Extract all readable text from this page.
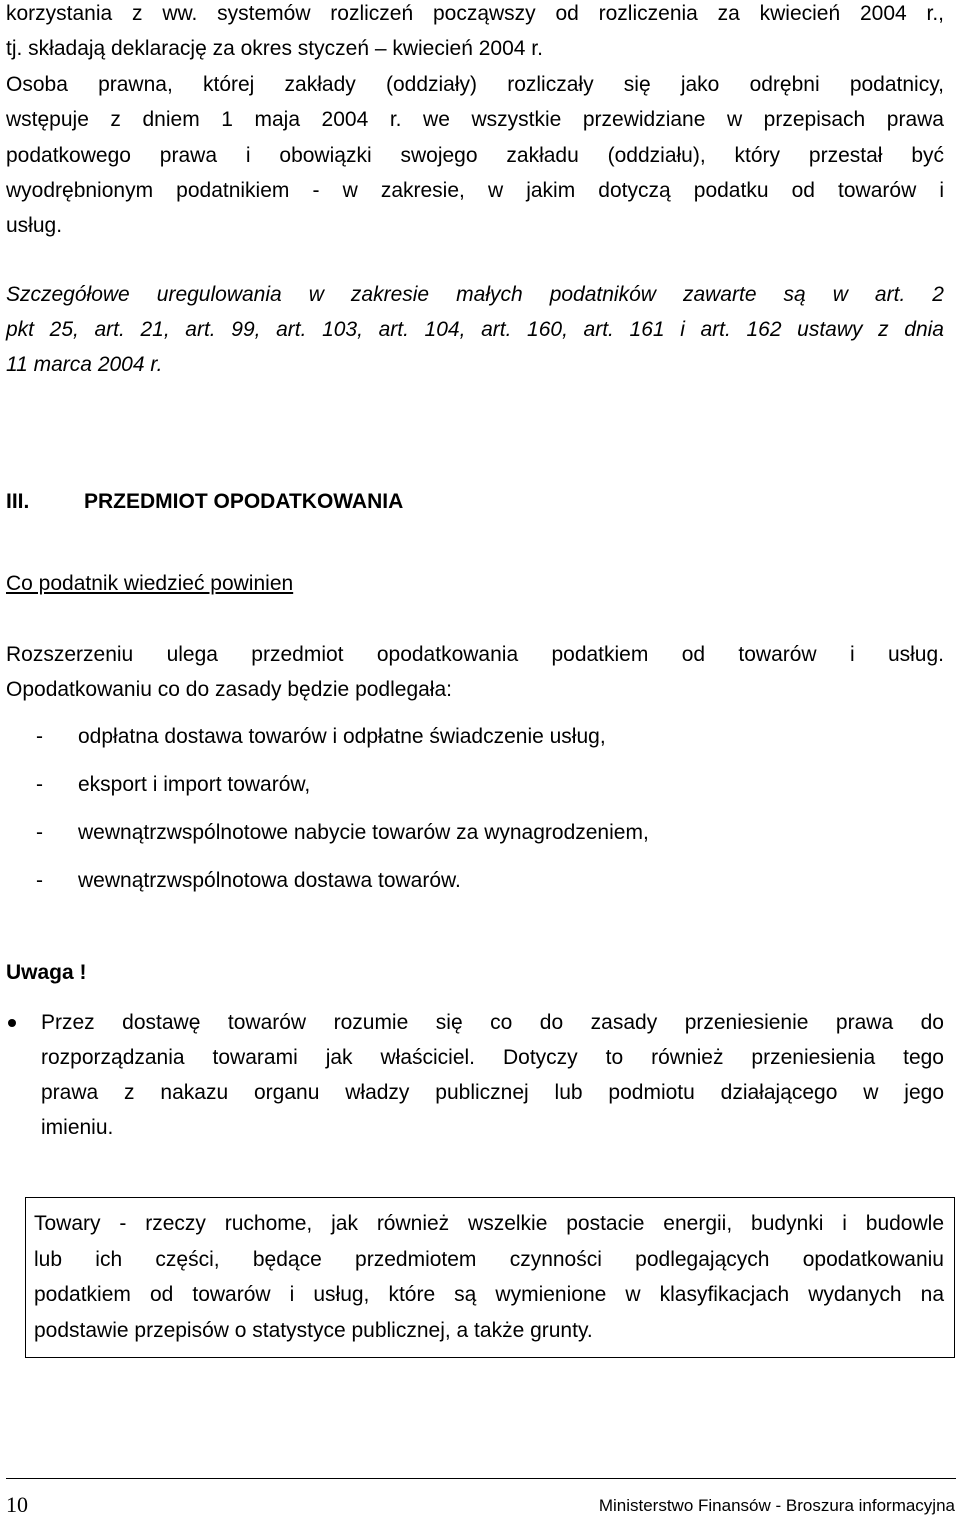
korzystania z ww. systemów rozliczeń począwszy od rozliczenia za kwiecień 2004 r.,
tj. składają deklarację za okres styczeń – kwiecień 2004 r.
Osoba prawna, której zakłady (oddziały) rozliczały się jako odrębni podatnicy,
wstępuje z dniem 1 maja 2004 r. we wszystkie przewidziane w przepisach prawa
podatkowego prawa i obowiązki swojego zakładu (oddziału), który przestał być
wyodrębnionym podatnikiem - w zakresie, w jakim dotyczą podatku od towarów i
usług.
Szczegółowe uregulowania w zakresie małych podatników zawarte są w art. 2
pkt 25, art. 21, art. 99, art. 103, art. 104, art. 160, art. 161 i art. 162 ustawy z dnia
11 marca 2004 r.
III.	PRZEDMIOT OPODATKOWANIA
Co podatnik wiedzieć powinien
Rozszerzeniu ulega przedmiot opodatkowania podatkiem od towarów i usług.
Opodatkowaniu co do zasady będzie podlegała:
- odpłatna dostawa towarów i odpłatne świadczenie usług,
- eksport i import towarów,
- wewnątrzwspólnotowe nabycie towarów za wynagrodzeniem,
- wewnątrzwspólnotowa dostawa towarów.
Uwaga !
Przez dostawę towarów rozumie się co do zasady przeniesienie prawa do
rozporządzania towarami jak właściciel. Dotyczy to również przeniesienia tego
prawa z nakazu organu władzy publicznej lub podmiotu działającego w jego
imieniu.
Towary - rzeczy ruchome, jak również wszelkie postacie energii, budynki i budowle
lub ich części, będące przedmiotem czynności podlegających opodatkowaniu
podatkiem od towarów i usług, które są wymienione w klasyfikacjach wydanych na
podstawie przepisów o statystyce publicznej, a także grunty.
10	Ministerstwo Finansów - Broszura informacyjna
